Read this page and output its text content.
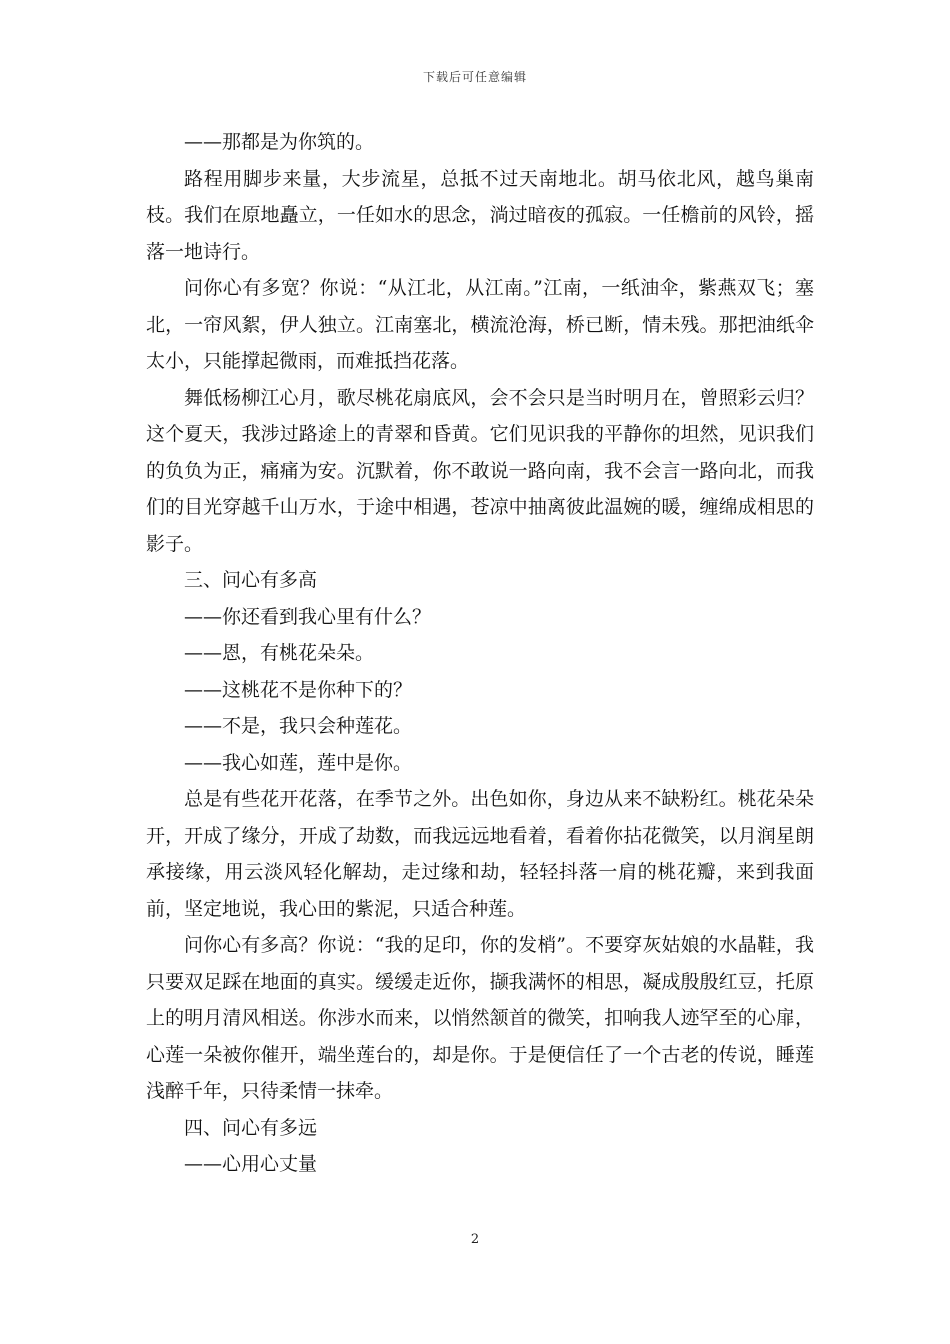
下载后可任意编辑

——那都是为你筑的。

路程用脚步来量，大步流星，总抵不过天南地北。胡马依北风，越鸟巢南枝。我们在原地矗立，一任如水的思念，淌过暗夜的孤寂。一任檐前的风铃，摇落一地诗行。

问你心有多宽？你说：“从江北，从江南。”江南，一纸油伞，紫燕双飞；塞北，一帘风絮，伊人独立。江南塞北，横流沧海，桥已断，情未残。那把油纸伞太小，只能撑起微雨，而难抵挡花落。

舞低杨柳江心月，歌尽桃花扇底风，会不会只是当时明月在，曾照彩云归？这个夏天，我涉过路途上的青翠和昏黄。它们见识我的平静你的坦然，见识我们的负负为正，痛痛为安。沉默着，你不敢说一路向南，我不会言一路向北，而我们的目光穿越千山万水，于途中相遇，苍凉中抽离彼此温婉的暖，缠绵成相思的影子。

三、问心有多高

——你还看到我心里有什么？

——恩，有桃花朵朵。

——这桃花不是你种下的？

——不是，我只会种莲花。

——我心如莲，莲中是你。

总是有些花开花落，在季节之外。出色如你，身边从来不缺粉红。桃花朵朵开，开成了缘分，开成了劫数，而我远远地看着，看着你拈花微笑，以月润星朗承接缘，用云淡风轻化解劫，走过缘和劫，轻轻抖落一肩的桃花瓣，来到我面前，坚定地说，我心田的紫泥，只适合种莲。

问你心有多高？你说：“我的足印，你的发梢”。不要穿灰姑娘的水晶鞋，我只要双足踩在地面的真实。缓缓走近你，撷我满怀的相思，凝成殷殷红豆，托原上的明月清风相送。你涉水而来，以悄然颔首的微笑，扣响我人迹罕至的心扉，心莲一朵被你催开，端坐莲台的，却是你。于是便信任了一个古老的传说，睡莲浅醉千年，只待柔情一抹牵。

四、问心有多远

——心用心丈量

2
